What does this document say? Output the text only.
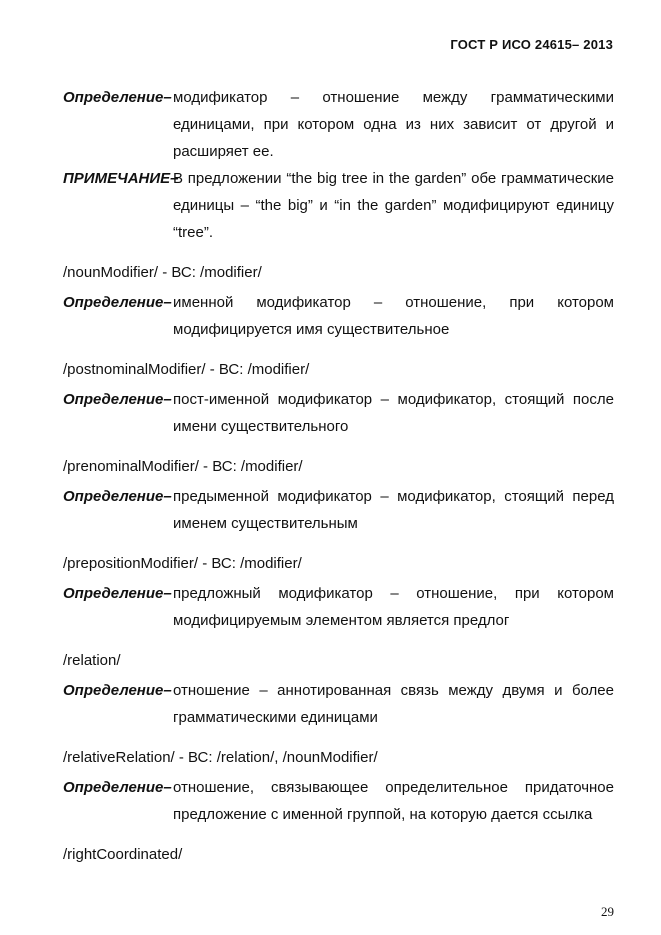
ГОСТ Р ИСО 24615– 2013
Определение– модификатор – отношение между грамматическими единицами, при котором одна из них зависит от другой и расширяет ее.
ПРИМЕЧАНИЕ–
В предложении “the big tree in the garden” обе грамматические единицы – “the big” и “in the garden” модифицируют единицу “tree”.
/nounModifier/ - ВС: /modifier/
Определение– именной модификатор – отношение, при котором модифицируется имя существительное
/postnominalModifier/ - ВС: /modifier/
Определение– пост-именной модификатор – модификатор, стоящий после имени существительного
/prenominalModifier/ - ВС: /modifier/
Определение– предыменной модификатор – модификатор, стоящий перед именем существительным
/prepositionModifier/ - ВС: /modifier/
Определение– предложный модификатор – отношение, при котором модифицируемым элементом является предлог
/relation/
Определение– отношение – аннотированная связь между двумя и более грамматическими единицами
/relativeRelation/ - ВС: /relation/, /nounModifier/
Определение– отношение, связывающее определительное придаточное предложение с именной группой, на которую дается ссылка
/rightCoordinated/
29
